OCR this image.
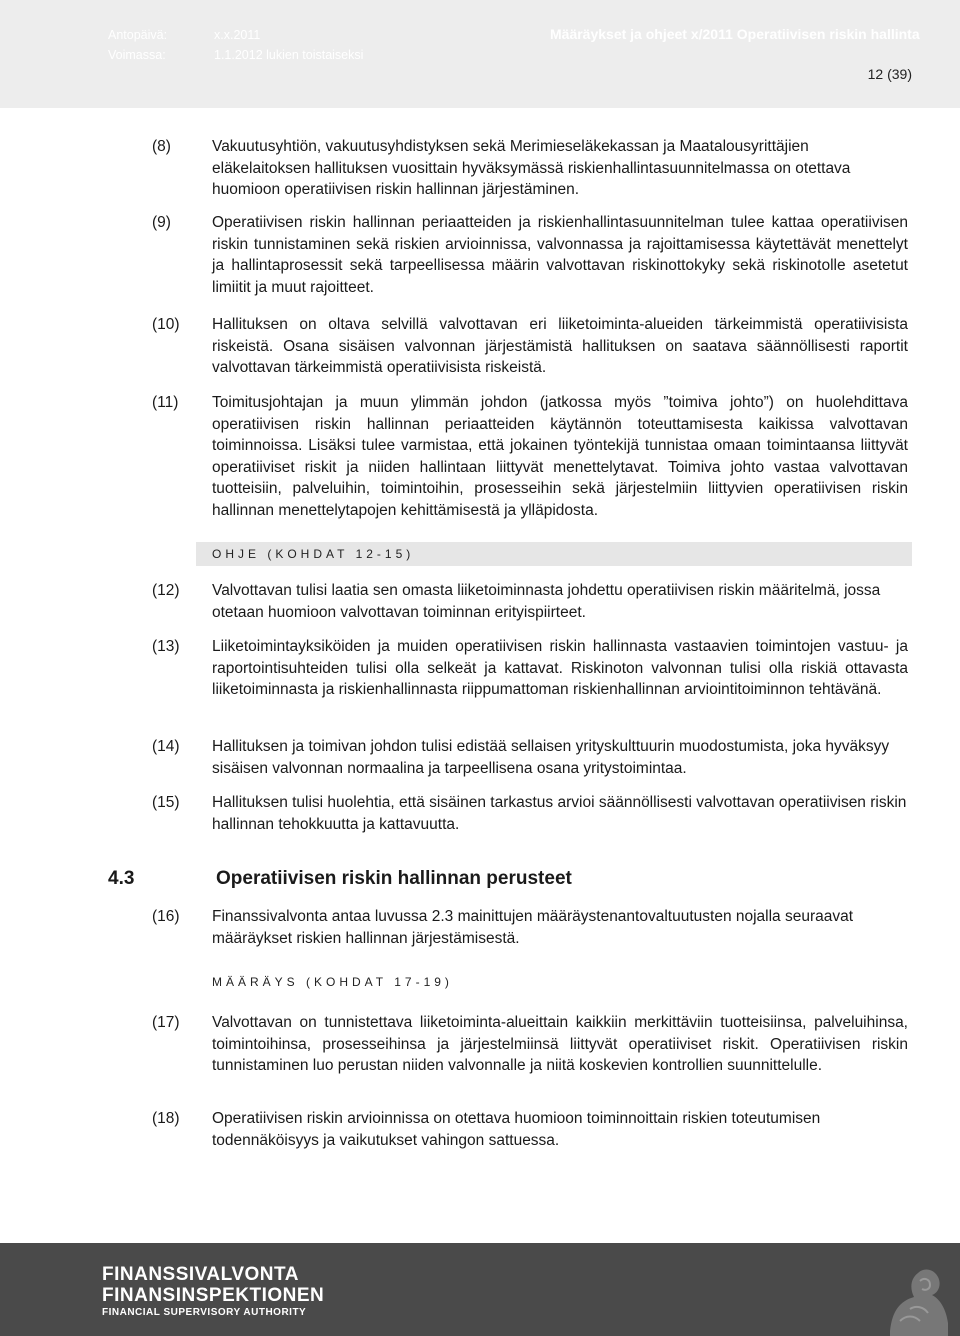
Antopäivä:	x.x.2011
Voimassa:	1.1.2012 lukien toistaiseksi
Määräykset ja ohjeet x/2011 Operatiivisen riskin hallinta
12 (39)
(8)	Vakuutusyhtiön, vakuutusyhdistyksen sekä Merimieseläkekassan ja Maatalousyrittäjien eläkelaitoksen hallituksen vuosittain hyväksymässä riskienhallintasuunnitelmassa on otettava huomioon operatiivisen riskin hallinnan järjestäminen.
(9)	Operatiivisen riskin hallinnan periaatteiden ja riskienhallintasuunnitelman tulee kattaa operatiivisen riskin tunnistaminen sekä riskien arvioinnissa, valvonnassa ja rajoittamisessa käytettävät menettelyt ja hallintaprosessit sekä tarpeellisessa määrin valvottavan riskinottokyky sekä riskinotolle asetetut limiitit ja muut rajoitteet.
(10)	Hallituksen on oltava selvillä valvottavan eri liiketoiminta-alueiden tärkeimmistä operatiivisista riskeistä. Osana sisäisen valvonnan järjestämistä hallituksen on saatava säännöllisesti raportit valvottavan tärkeimmistä operatiivisista riskeistä.
(11)	Toimitusjohtajan ja muun ylimmän johdon (jatkossa myös ”toimiva johto”) on huolehdittava operatiivisen riskin hallinnan periaatteiden käytännön toteuttamisesta kaikissa valvottavan toiminnoissa. Lisäksi tulee varmistaa, että jokainen työntekijä tunnistaa omaan toimintaansa liittyvät operatiiviset riskit ja niiden hallintaan liittyvät menettelytavat. Toimiva johto vastaa valvottavan tuotteisiin, palveluihin, toimintoihin, prosesseihin sekä järjestelmiin liittyvien operatiivisen riskin hallinnan menettelytapojen kehittämisestä ja ylläpidosta.
OHJE (KOHDAT 12-15)
(12)	Valvottavan tulisi laatia sen omasta liiketoiminnasta johdettu operatiivisen riskin määritelmä, jossa otetaan huomioon valvottavan toiminnan erityispiirteet.
(13)	Liiketoimintayksiköiden ja muiden operatiivisen riskin hallinnasta vastaavien toimintojen vastuu- ja raportointisuhteiden tulisi olla selkeät ja kattavat. Riskinoton valvonnan tulisi olla riskiä ottavasta liiketoiminnasta ja riskienhallinnasta riippumattoman riskienhallinnan arviointitoiminnon tehtävänä.
(14)	Hallituksen ja toimivan johdon tulisi edistää sellaisen yrityskulttuurin muodostumista, joka hyväksyy sisäisen valvonnan normaalina ja tarpeellisena osana yritystoimintaa.
(15)	Hallituksen tulisi huolehtia, että sisäinen tarkastus arvioi säännöllisesti valvottavan operatiivisen riskin hallinnan tehokkuutta ja kattavuutta.
4.3	Operatiivisen riskin hallinnan perusteet
(16)	Finanssivalvonta antaa luvussa 2.3 mainittujen määräystenantovaltuutusten nojalla seuraavat määräykset riskien hallinnan järjestämisestä.
MÄÄRÄYS (KOHDAT 17-19)
(17)	Valvottavan on tunnistettava liiketoiminta-alueittain kaikkiin merkittäviin tuotteisiinsa, palveluihinsa, toimintoihinsa, prosesseihinsa ja järjestelmiinsä liittyvät operatiiviset riskit. Operatiivisen riskin tunnistaminen luo perustan niiden valvonnalle ja niitä koskevien kontrollien suunnittelulle.
(18)	Operatiivisen riskin arvioinnissa on otettava huomioon toiminnoittain riskien toteutumisen todennäköisyys ja vaikutukset vahingon sattuessa.
FINANSSIVALVONTA
FINANSINSPEKTIONEN
FINANCIAL SUPERVISORY AUTHORITY
